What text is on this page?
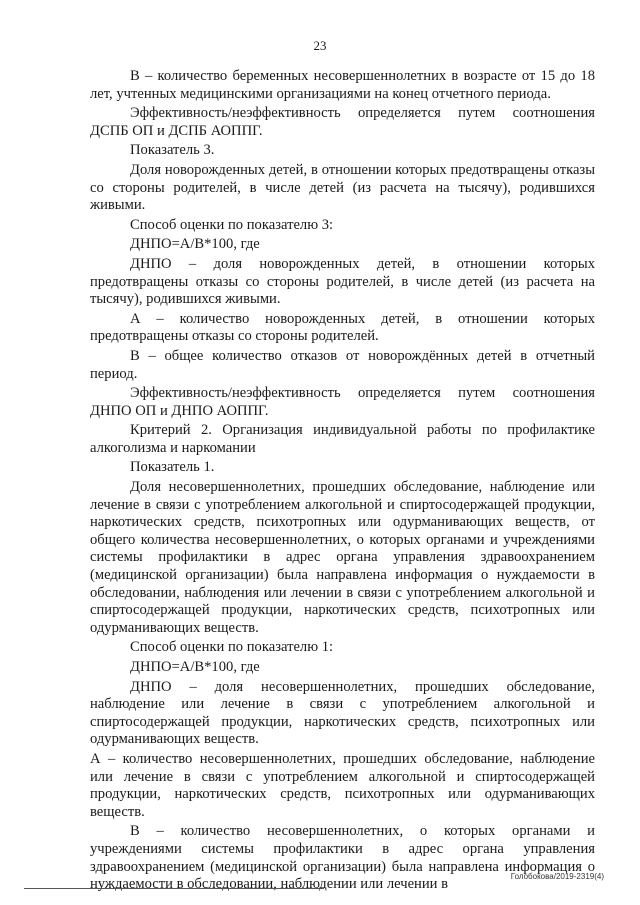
23

В – количество беременных несовершеннолетних в возрасте от 15 до 18 лет, учтенных медицинскими организациями на конец отчетного периода.

Эффективность/неэффективность определяется путем соотношения ДСПБ ОП и ДСПБ АОППГ.

Показатель 3.

Доля новорожденных детей, в отношении которых предотвращены отказы со стороны родителей, в числе детей (из расчета на тысячу), родившихся живыми.

Способ оценки по показателю 3:

ДНПО=А/В*100, где

ДНПО – доля новорожденных детей, в отношении которых предотвращены отказы со стороны родителей, в числе детей (из расчета на тысячу), родившихся живыми.

А – количество новорожденных детей, в отношении которых предотвращены отказы со стороны родителей.

В – общее количество отказов от новорождённых детей в отчетный период.

Эффективность/неэффективность определяется путем соотношения ДНПО ОП и ДНПО АОППГ.

Критерий 2. Организация индивидуальной работы по профилактике алкоголизма и наркомании

Показатель 1.

Доля несовершеннолетних, прошедших обследование, наблюдение или лечение в связи с употреблением алкогольной и спиртосодержащей продукции, наркотических средств, психотропных или одурманивающих веществ, от общего количества несовершеннолетних, о которых органами и учреждениями системы профилактики в адрес органа управления здравоохранением (медицинской организации) была направлена информация о нуждаемости в обследовании, наблюдения или лечении в связи с употреблением алкогольной и спиртосодержащей продукции, наркотических средств, психотропных или одурманивающих веществ.

Способ оценки по показателю 1:

ДНПО=А/В*100, где

ДНПО – доля несовершеннолетних, прошедших обследование, наблюдение или лечение в связи с употреблением алкогольной и спиртосодержащей продукции, наркотических средств, психотропных или одурманивающих веществ.

А – количество несовершеннолетних, прошедших обследование, наблюдение или лечение в связи с употреблением алкогольной и спиртосодержащей продукции, наркотических средств, психотропных или одурманивающих веществ.

В – количество несовершеннолетних, о которых органами и учреждениями системы профилактики в адрес органа управления здравоохранением (медицинской организации) была направлена информация о нуждаемости в обследовании, наблюдении или лечении в	Голобокова/2019-2319(4)
